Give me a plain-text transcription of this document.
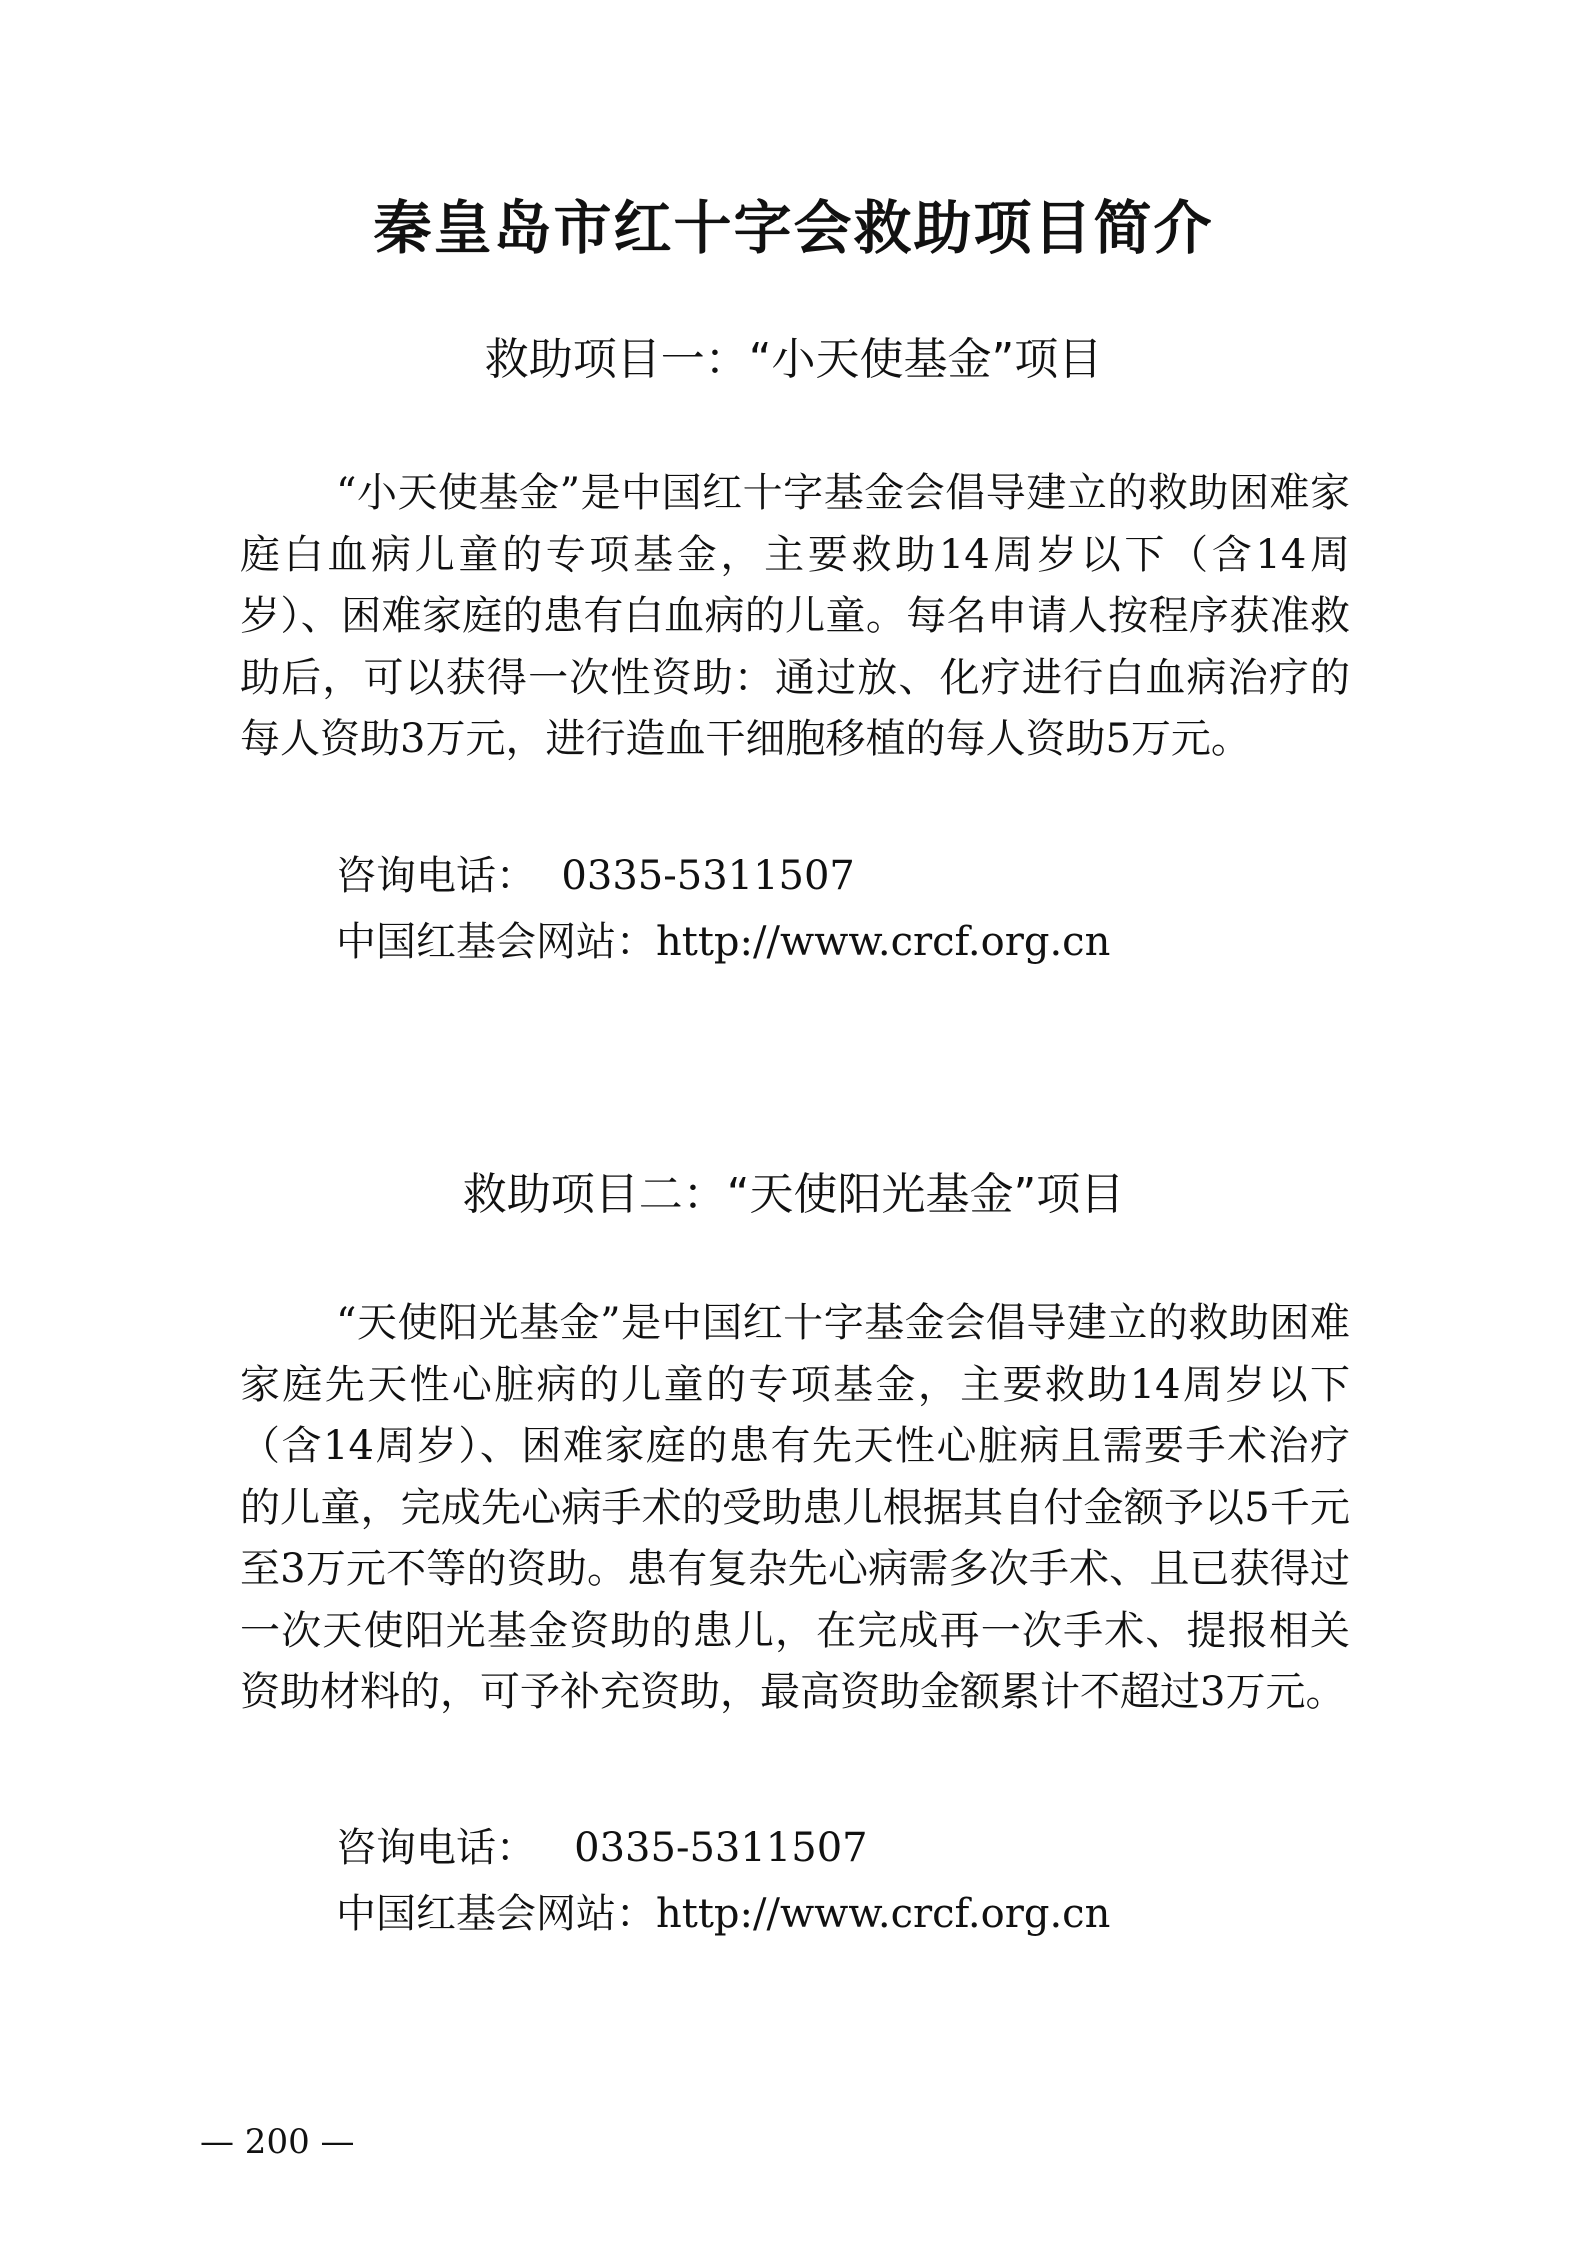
秦皇岛市红十字会救助项目简介
救助项目一：“小天使基金”项目

“小天使基金”是中国红十字基金会倡导建立的救助困难家庭白血病儿童的专项基金，主要救助14周岁以下（含14周岁）、困难家庭的患有白血病的儿童。每名申请人按程序获准救助后，可以获得一次性资助：通过放、化疗进行白血病治疗的每人资助3万元，进行造血干细胞移植的每人资助5万元。

咨询电话：  0335-5311507
中国红基会网站：http://www.crcf.org.cn
救助项目二：“天使阳光基金”项目

“天使阳光基金”是中国红十字基金会倡导建立的救助困难家庭先天性心脏病的儿童的专项基金，主要救助14周岁以下（含14周岁）、困难家庭的患有先天性心脏病且需要手术治疗的儿童，完成先心病手术的受助患儿根据其自付金额予以5千元至3万元不等的资助。患有复杂先心病需多次手术、且已获得过一次天使阳光基金资助的患儿，在完成再一次手术、提报相关资助材料的，可予补充资助，最高资助金额累计不超过3万元。

咨询电话：   0335-5311507
中国红基会网站：http://www.crcf.org.cn
— 200 —
